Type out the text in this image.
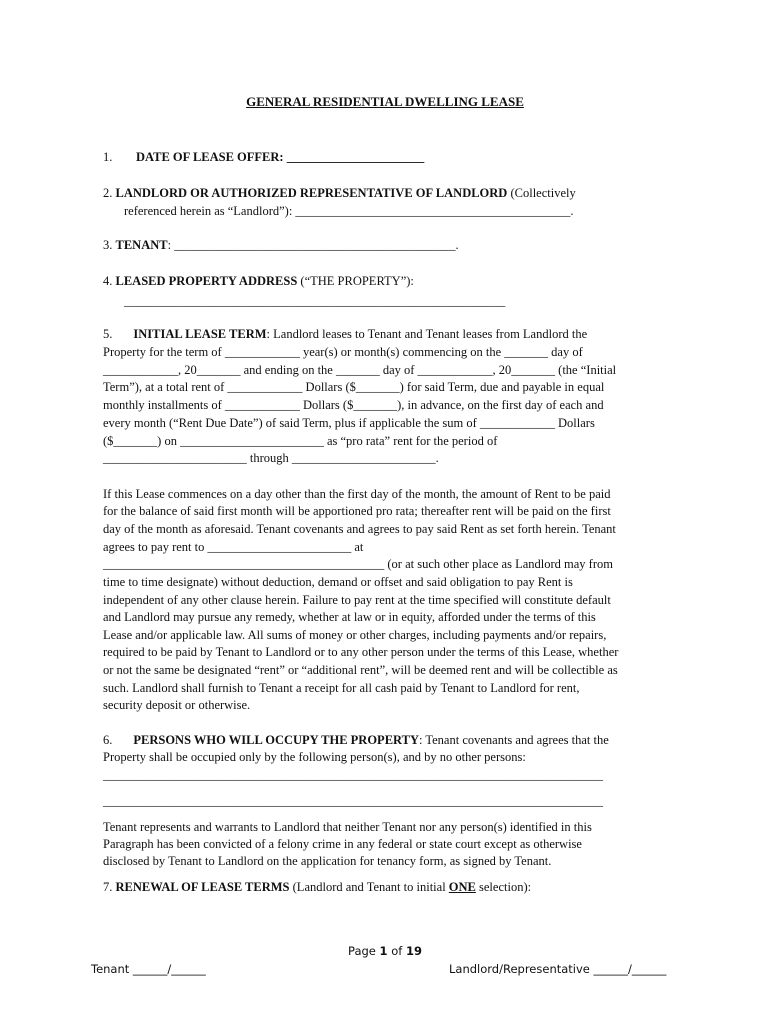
GENERAL RESIDENTIAL DWELLING LEASE
1. DATE OF LEASE OFFER: ______________________
2. LANDLORD OR AUTHORIZED REPRESENTATIVE OF LANDLORD (Collectively
referenced herein as “Landlord”): ____________________________________________.
3. TENANT: _____________________________________________.
4. LEASED PROPERTY ADDRESS (“THE PROPERTY”):
_____________________________________________________________
5. INITIAL LEASE TERM: Landlord leases to Tenant and Tenant leases from Landlord the
Property for the term of ____________ year(s) or month(s) commencing on the _______ day of
____________, 20_______ and ending on the _______ day of ____________, 20_______ (the “Initial
Term”), at a total rent of ____________ Dollars ($_______) for said Term, due and payable in equal
monthly installments of ____________ Dollars ($_______), in advance, on the first day of each and
every month (“Rent Due Date”) of said Term, plus if applicable the sum of ____________ Dollars
($_______) on _______________________ as “pro rata” rent for the period of
_______________________ through _______________________.
If this Lease commences on a day other than the first day of the month, the amount of Rent to be paid
for the balance of said first month will be apportioned pro rata; thereafter rent will be paid on the first
day of the month as aforesaid. Tenant covenants and agrees to pay said Rent as set forth herein. Tenant
agrees to pay rent to _______________________ at
_____________________________________________ (or at such other place as Landlord may from
time to time designate) without deduction, demand or offset and said obligation to pay Rent is
independent of any other clause herein. Failure to pay rent at the time specified will constitute default
and Landlord may pursue any remedy, whether at law or in equity, afforded under the terms of this
Lease and/or applicable law. All sums of money or other charges, including payments and/or repairs,
required to be paid by Tenant to Landlord or to any other person under the terms of this Lease, whether
or not the same be designated “rent” or “additional rent”, will be deemed rent and will be collectible as
such. Landlord shall furnish to Tenant a receipt for all cash paid by Tenant to Landlord for rent,
security deposit or otherwise.
6. PERSONS WHO WILL OCCUPY THE PROPERTY: Tenant covenants and agrees that the
Property shall be occupied only by the following person(s), and by no other persons:
________________________________________________________________________________
________________________________________________________________________________
Tenant represents and warrants to Landlord that neither Tenant nor any person(s) identified in this
Paragraph has been convicted of a felony crime in any federal or state court except as otherwise
disclosed by Tenant to Landlord on the application for tenancy form, as signed by Tenant.
7. RENEWAL OF LEASE TERMS (Landlord and Tenant to initial ONE selection):
Page 1 of 19
Tenant ______/______	Landlord/Representative ______/______
